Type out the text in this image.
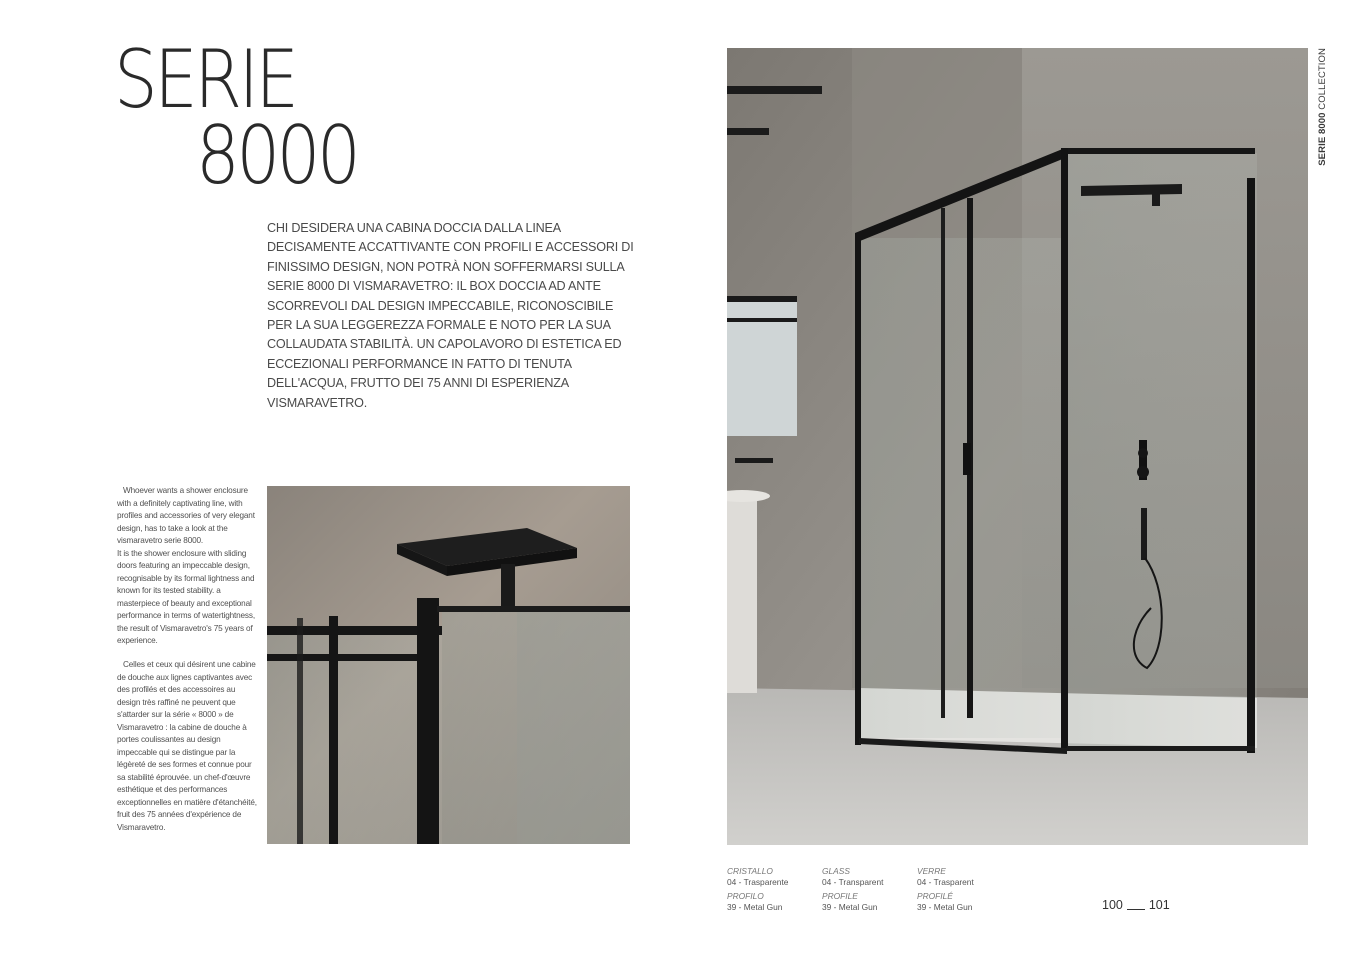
SERIE
8000
CHI DESIDERA UNA CABINA DOCCIA DALLA LINEA DECISAMENTE ACCATTIVANTE CON PROFILI E ACCESSORI DI FINISSIMO DESIGN, NON POTRÀ NON SOFFERMARSI SULLA SERIE 8000 DI VISMARAVETRO: IL BOX DOCCIA AD ANTE SCORREVOLI DAL DESIGN IMPECCABILE, RICONOSCIBILE PER LA SUA LEGGEREZZA FORMALE E NOTO PER LA SUA COLLAUDATA STABILITÀ. UN CAPOLAVORO DI ESTETICA ED ECCEZIONALI PERFORMANCE IN FATTO DI TENUTA DELL'ACQUA, FRUTTO DEI 75 ANNI DI ESPERIENZA VISMARAVETRO.

Whoever wants a shower enclosure with a definitely captivating line, with profiles and accessories of very elegant design, has to take a look at the vismaravetro serie 8000.

It is the shower enclosure with sliding doors featuring an impeccable design, recognisable by its formal lightness and known for its tested stability. a masterpiece of beauty and exceptional performance in terms of watertightness, the result of Vismaravetro's 75 years of experience.

Celles et ceux qui désirent une cabine de douche aux lignes captivantes avec des profilés et des accessoires au design très raffiné ne peuvent que s'attarder sur la série « 8000 » de Vismaravetro : la cabine de douche à portes coulissantes au design impeccable qui se distingue par la légèreté de ses formes et connue pour sa stabilité éprouvée. un chef-d'œuvre esthétique et des performances exceptionnelles en matière d'étanchéité, fruit des 75 années d'expérience de Vismaravetro.

SERIE 8000 COLLECTION
CRISTALLO
04 - Trasparente
PROFILO
39 - Metal Gun
GLASS
04 - Transparent
PROFILE
39 - Metal Gun
VERRE
04 - Trasparent
PROFILÉ
39 - Metal Gun	100 101
